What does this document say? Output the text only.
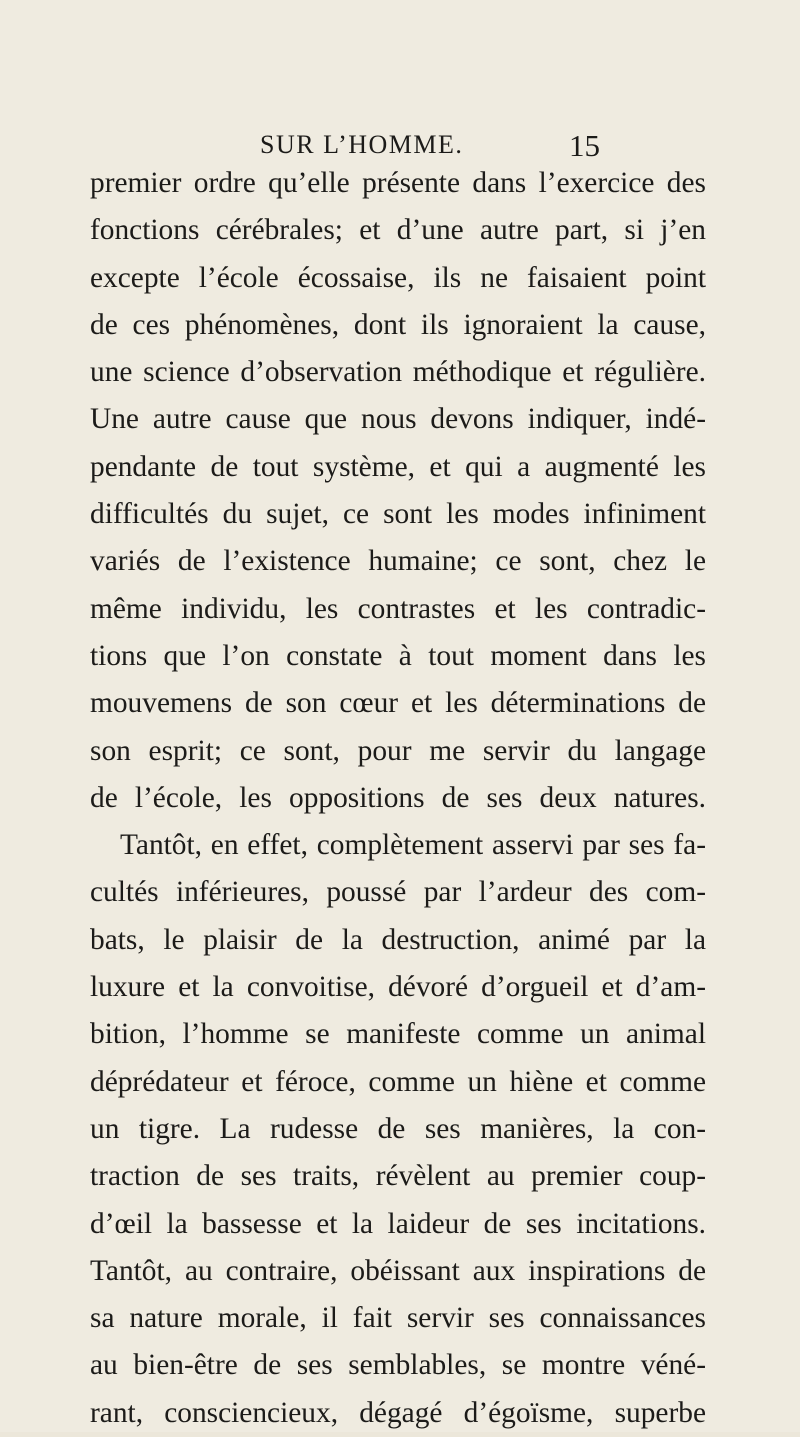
SUR L’HOMME.	15
premier ordre qu’elle présente dans l’exercice des
fonctions cérébrales; et d’une autre part, si j’en
excepte l’école écossaise, ils ne faisaient point
de ces phénomènes, dont ils ignoraient la cause,
une science d’observation méthodique et régulière.
Une autre cause que nous devons indiquer, indé-
pendante de tout système, et qui a augmenté les
difficultés du sujet, ce sont les modes infiniment
variés de l’existence humaine; ce sont, chez le
même individu, les contrastes et les contradic-
tions que l’on constate à tout moment dans les
mouvemens de son cœur et les déterminations de
son esprit; ce sont, pour me servir du langage
de l’école, les oppositions de ses deux natures.
Tantôt, en effet, complètement asservi par ses fa-
cultés inférieures, poussé par l’ardeur des com-
bats, le plaisir de la destruction, animé par la
luxure et la convoitise, dévoré d’orgueil et d’am-
bition, l’homme se manifeste comme un animal
déprédateur et féroce, comme un hiène et comme
un tigre. La rudesse de ses manières, la con-
traction de ses traits, révèlent au premier coup-
d’œil la bassesse et la laideur de ses incitations.
Tantôt, au contraire, obéissant aux inspirations de
sa nature morale, il fait servir ses connaissances
au bien-être de ses semblables, se montre véné-
rant, consciencieux, dégagé d’égoïsme, superbe
